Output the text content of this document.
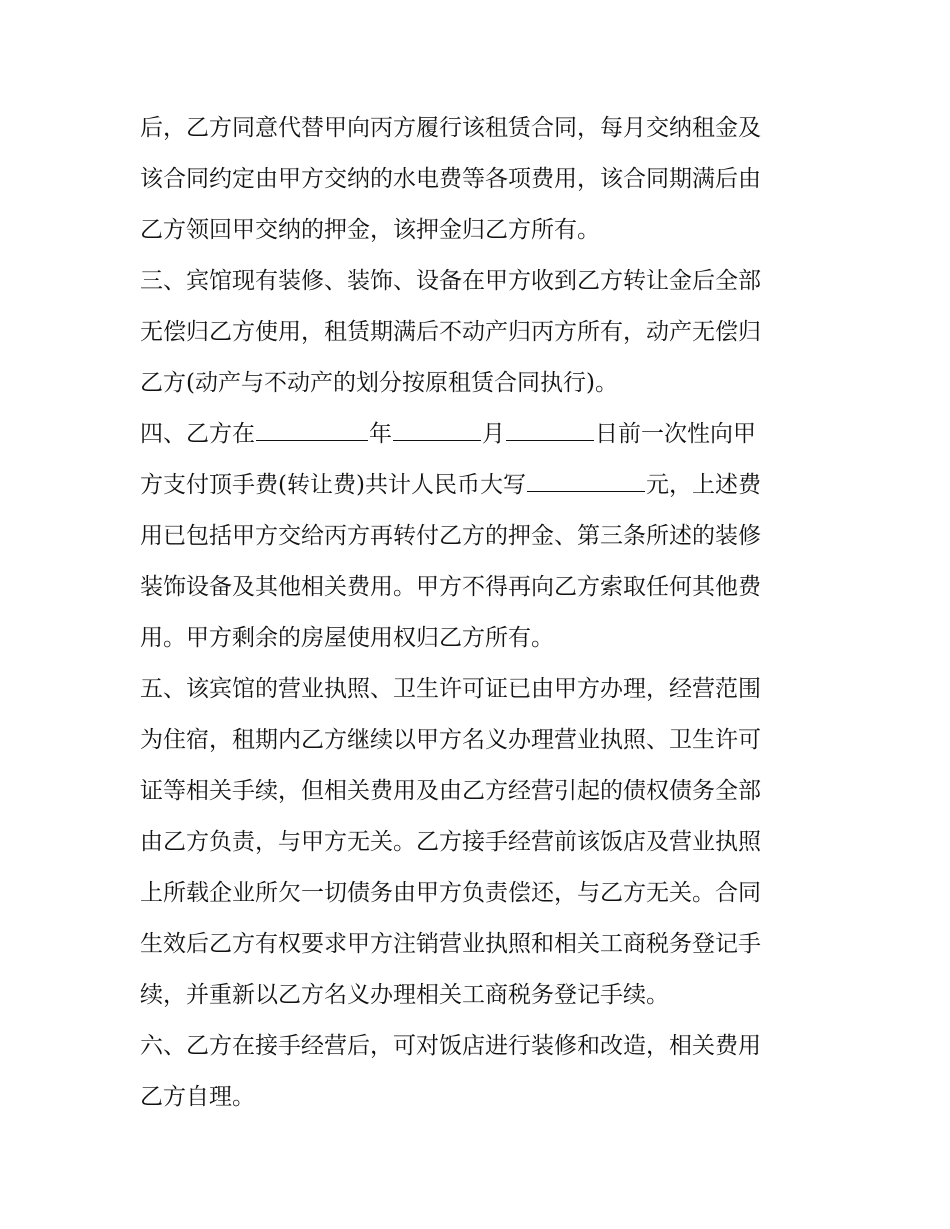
后，乙方同意代替甲向丙方履行该租赁合同，每月交纳租金及
该合同约定由甲方交纳的水电费等各项费用，该合同期满后由
乙方领回甲交纳的押金，该押金归乙方所有。
三、宾馆现有装修、装饰、设备在甲方收到乙方转让金后全部
无偿归乙方使用，租赁期满后不动产归丙方所有，动产无偿归
乙方(动产与不动产的划分按原租赁合同执行)。
四、乙方在	年	月	日前一次性向甲
方支付顶手费(转让费)共计人民币大写	元，上述费
用已包括甲方交给丙方再转付乙方的押金、第三条所述的装修
装饰设备及其他相关费用。甲方不得再向乙方索取任何其他费
用。甲方剩余的房屋使用权归乙方所有。
五、该宾馆的营业执照、卫生许可证已由甲方办理，经营范围
为住宿，租期内乙方继续以甲方名义办理营业执照、卫生许可
证等相关手续，但相关费用及由乙方经营引起的债权债务全部
由乙方负责，与甲方无关。乙方接手经营前该饭店及营业执照
上所载企业所欠一切债务由甲方负责偿还，与乙方无关。合同
生效后乙方有权要求甲方注销营业执照和相关工商税务登记手
续，并重新以乙方名义办理相关工商税务登记手续。
六、乙方在接手经营后，可对饭店进行装修和改造，相关费用
乙方自理。
